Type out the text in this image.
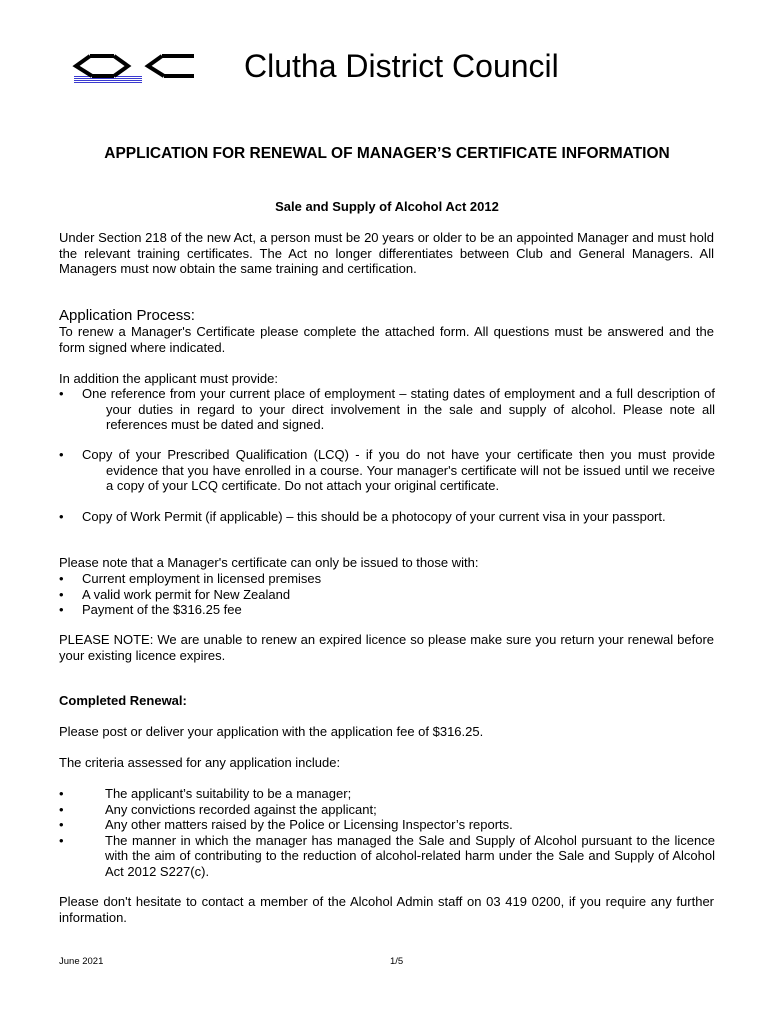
Clutha District Council
APPLICATION FOR RENEWAL OF MANAGER’S CERTIFICATE INFORMATION
Sale and Supply of Alcohol Act 2012
Under Section 218 of the new Act, a person must be 20 years or older to be an appointed Manager and must hold the relevant training certificates. The Act no longer differentiates between Club and General Managers. All Managers must now obtain the same training and certification.
Application Process:
To renew a Manager's Certificate please complete the attached form. All questions must be answered and the form signed where indicated.
In addition the applicant must provide:
• One reference from your current place of employment – stating dates of employment and a full description of your duties in regard to your direct involvement in the sale and supply of alcohol. Please note all references must be dated and signed.
• Copy of your Prescribed Qualification (LCQ) - if you do not have your certificate then you must provide evidence that you have enrolled in a course. Your manager's certificate will not be issued until we receive a copy of your LCQ certificate. Do not attach your original certificate.
• Copy of Work Permit (if applicable) – this should be a photocopy of your current visa in your passport.
Please note that a Manager's certificate can only be issued to those with:
• Current employment in licensed premises
• A valid work permit for New Zealand
• Payment of the $316.25 fee
PLEASE NOTE: We are unable to renew an expired licence so please make sure you return your renewal before your existing licence expires.
Completed Renewal:
Please post or deliver your application with the application fee of $316.25.
The criteria assessed for any application include:
•	The applicant’s suitability to be a manager;
•	Any convictions recorded against the applicant;
•	Any other matters raised by the Police or Licensing Inspector’s reports.
•	The manner in which the manager has managed the Sale and Supply of Alcohol pursuant to the licence with the aim of contributing to the reduction of alcohol-related harm under the Sale and Supply of Alcohol Act 2012 S227(c).
Please don't hesitate to contact a member of the Alcohol Admin staff on 03 419 0200, if you require any further information.
June 2021	1/5
